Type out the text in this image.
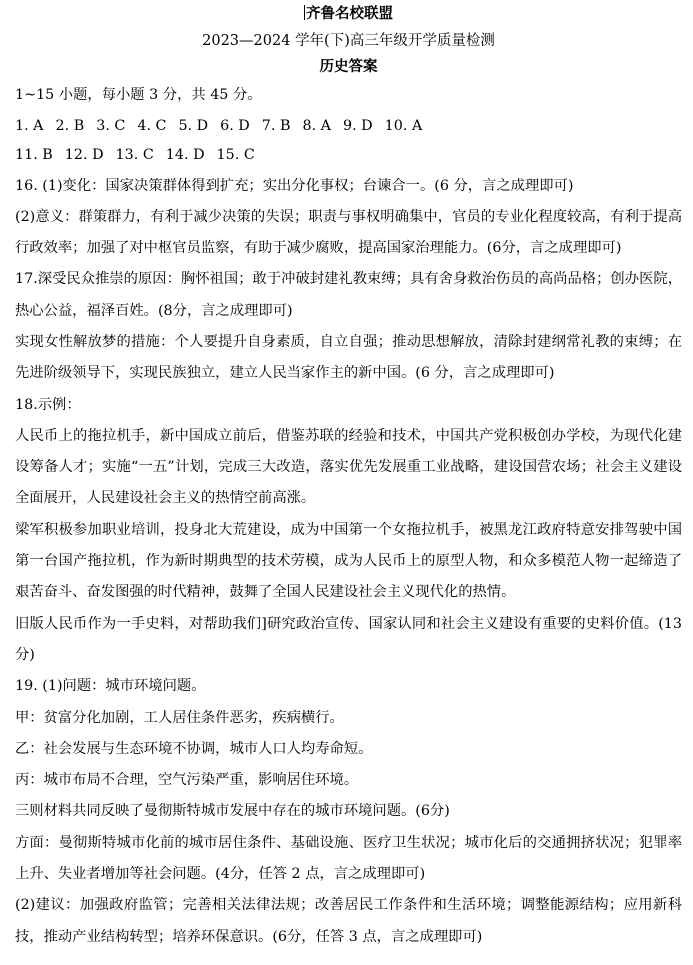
齐鲁名校联盟
2023—2024 学年(下)高三年级开学质量检测
历史答案

1~15 小题，每小题 3 分，共 45 分。

1. A 2. B 3. C 4. C 5. D 6. D 7. B 8. A 9. D 10. A

11. B 12. D 13. C 14. D 15. C

16. (1)变化：国家决策群体得到扩充；实出分化事权；台谏合一。(6 分，言之成理即可)

(2)意义：群策群力，有利于减少决策的失误；职责与事权明确集中，官员的专业化程度较高，有利于提高行政效率；加强了对中枢官员监察，有助于减少腐败，提高国家治理能力。(6分，言之成理即可)

17.深受民众推崇的原因：胸怀祖国；敢于冲破封建礼教束缚；具有舍身救治伤员的高尚品格；创办医院，热心公益，福泽百姓。(8分，言之成理即可)

实现女性解放梦的措施：个人要提升自身素质，自立自强；推动思想解放，清除封建纲常礼教的束缚；在先进阶级领导下，实现民族独立，建立人民当家作主的新中国。(6 分，言之成理即可)

18.示例：

人民币上的拖拉机手，新中国成立前后，借鉴苏联的经验和技术，中国共产党积极创办学校，为现代化建设筹备人才；实施“一五”计划，完成三大改造，落实优先发展重工业战略，建设国营农场；社会主义建设全面展开，人民建设社会主义的热情空前高涨。

梁军积极参加职业培训，投身北大荒建设，成为中国第一个女拖拉机手，被黑龙江政府特意安排驾驶中国第一台国产拖拉机，作为新时期典型的技术劳模，成为人民币上的原型人物，和众多模范人物一起缔造了艰苦奋斗、奋发图强的时代精神，鼓舞了全国人民建设社会主义现代化的热情。

旧版人民币作为一手史料，对帮助我们]研究政治宣传、国家认同和社会主义建设有重要的史料价值。(13分)

19. (1)问题：城市环境问题。

甲：贫富分化加剧，工人居住条件恶劣，疾病横行。

乙：社会发展与生态环境不协调，城市人口人均寿命短。

丙：城市布局不合理，空气污染严重，影响居住环境。

三则材料共同反映了曼彻斯特城市发展中存在的城市环境问题。(6分)

方面：曼彻斯特城市化前的城市居住条件、基础设施、医疗卫生状况；城市化后的交通拥挤状况；犯罪率上升、失业者增加等社会问题。(4分，任答 2 点，言之成理即可)

(2)建议：加强政府监管；完善相关法律法规；改善居民工作条件和生活环境；调整能源结构；应用新科技，推动产业结构转型；培养环保意识。(6分，任答 3 点，言之成理即可)
